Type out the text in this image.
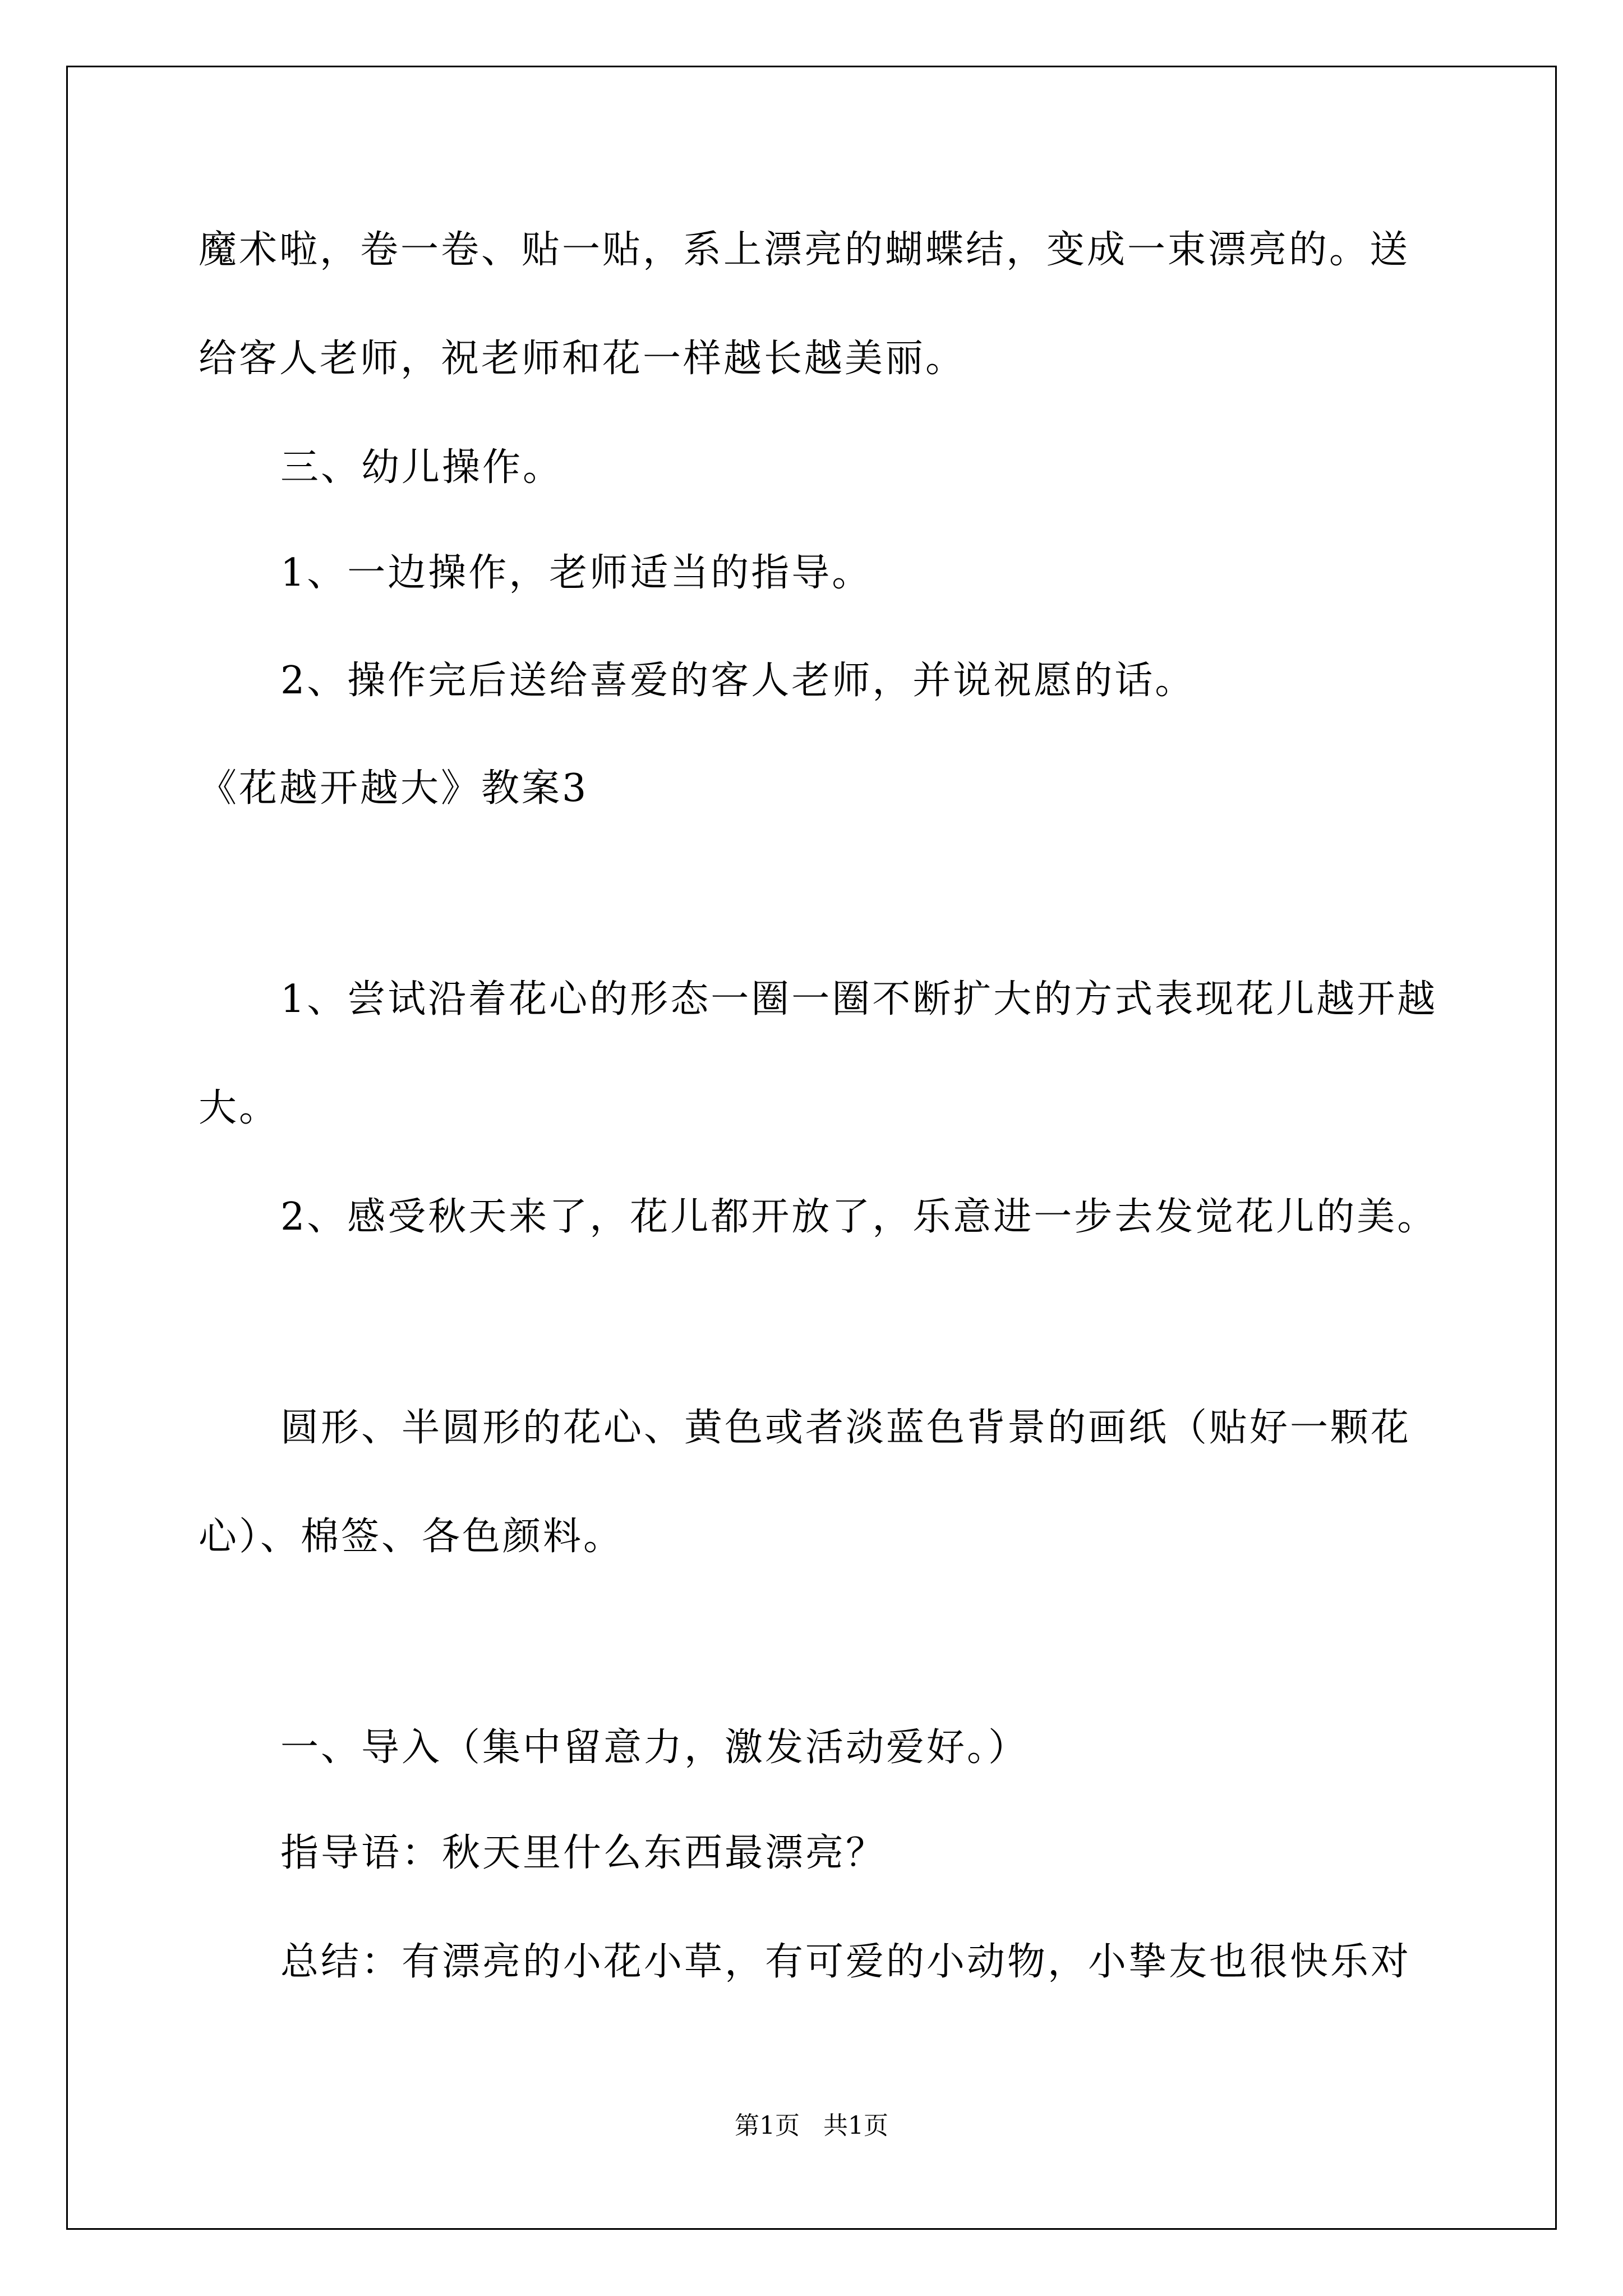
魔术啦，卷一卷、贴一贴，系上漂亮的蝴蝶结，变成一束漂亮的。送
给客人老师，祝老师和花一样越长越美丽。
三、幼儿操作。
1、一边操作，老师适当的指导。
2、操作完后送给喜爱的客人老师，并说祝愿的话。
《花越开越大》教案3
1、尝试沿着花心的形态一圈一圈不断扩大的方式表现花儿越开越
大。
2、感受秋天来了，花儿都开放了，乐意进一步去发觉花儿的美。
圆形、半圆形的花心、黄色或者淡蓝色背景的画纸（贴好一颗花
心）、棉签、各色颜料。
一、导入（集中留意力，激发活动爱好。）
指导语：秋天里什么东西最漂亮？
总结：有漂亮的小花小草，有可爱的小动物，小挚友也很快乐对
第1页   共1页
